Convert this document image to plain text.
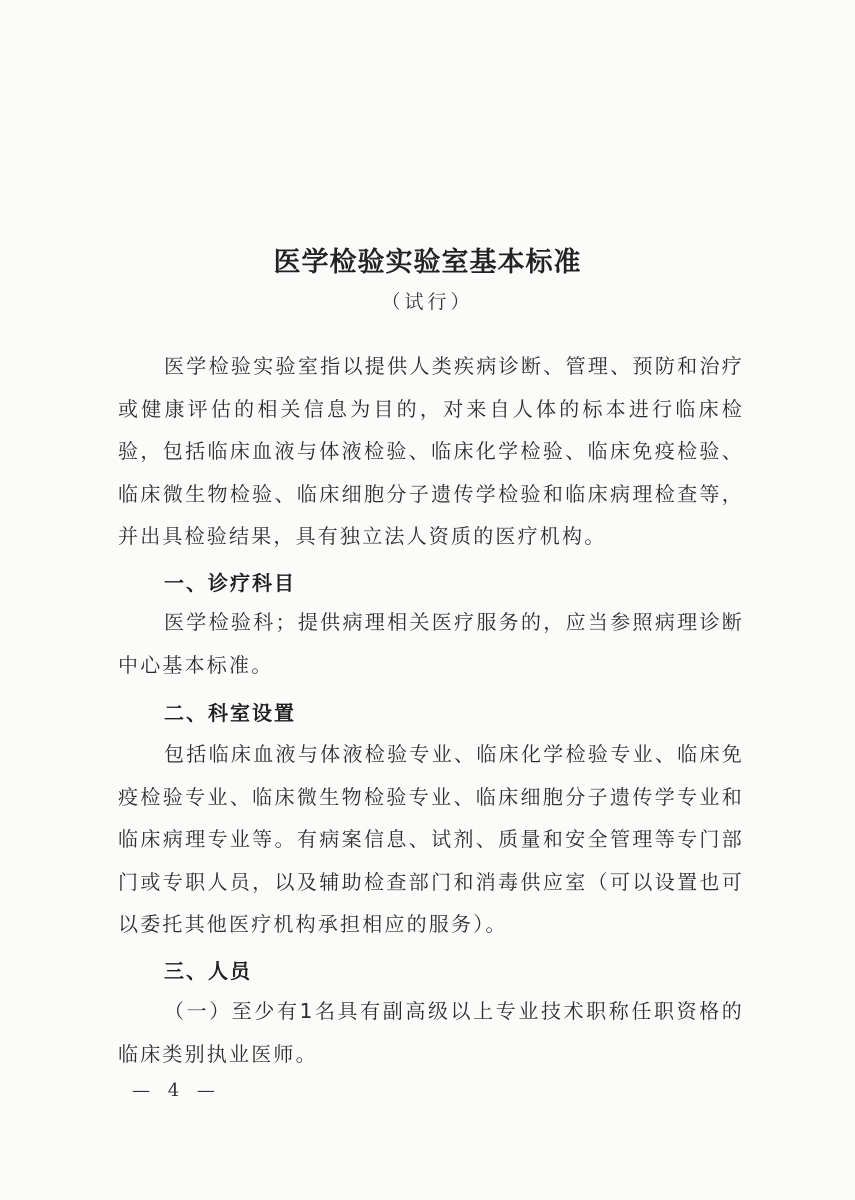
医学检验实验室基本标准
（试行）

医学检验实验室指以提供人类疾病诊断、管理、预防和治疗或健康评估的相关信息为目的，对来自人体的标本进行临床检验，包括临床血液与体液检验、临床化学检验、临床免疫检验、临床微生物检验、临床细胞分子遗传学检验和临床病理检查等，并出具检验结果，具有独立法人资质的医疗机构。

一、诊疗科目

医学检验科；提供病理相关医疗服务的，应当参照病理诊断中心基本标准。

二、科室设置

包括临床血液与体液检验专业、临床化学检验专业、临床免疫检验专业、临床微生物检验专业、临床细胞分子遗传学专业和临床病理专业等。有病案信息、试剂、质量和安全管理等专门部门或专职人员，以及辅助检查部门和消毒供应室（可以设置也可以委托其他医疗机构承担相应的服务）。

三、人员

（一）至少有1名具有副高级以上专业技术职称任职资格的临床类别执业医师。

— 4 —
